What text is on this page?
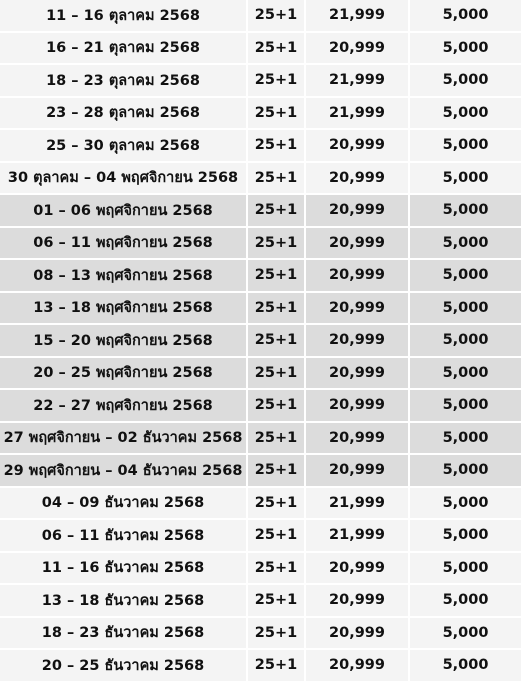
11 – 16 ตุลาคม 2568	25+1	21,999	5,000
16 – 21 ตุลาคม 2568	25+1	20,999	5,000
18 – 23 ตุลาคม 2568	25+1	21,999	5,000
23 – 28 ตุลาคม 2568	25+1	21,999	5,000
25 – 30 ตุลาคม 2568	25+1	20,999	5,000
30 ตุลาคม – 04 พฤศจิกายน 2568	25+1	20,999	5,000
01 – 06 พฤศจิกายน 2568	25+1	20,999	5,000
06 – 11 พฤศจิกายน 2568	25+1	20,999	5,000
08 – 13 พฤศจิกายน 2568	25+1	20,999	5,000
13 – 18 พฤศจิกายน 2568	25+1	20,999	5,000
15 – 20 พฤศจิกายน 2568	25+1	20,999	5,000
20 – 25 พฤศจิกายน 2568	25+1	20,999	5,000
22 – 27 พฤศจิกายน 2568	25+1	20,999	5,000
27 พฤศจิกายน – 02 ธันวาคม 2568	25+1	20,999	5,000
29 พฤศจิกายน – 04 ธันวาคม 2568	25+1	20,999	5,000
04 – 09 ธันวาคม 2568	25+1	21,999	5,000
06 – 11 ธันวาคม 2568	25+1	21,999	5,000
11 – 16 ธันวาคม 2568	25+1	20,999	5,000
13 – 18 ธันวาคม 2568	25+1	20,999	5,000
18 – 23 ธันวาคม 2568	25+1	20,999	5,000
20 – 25 ธันวาคม 2568	25+1	20,999	5,000
